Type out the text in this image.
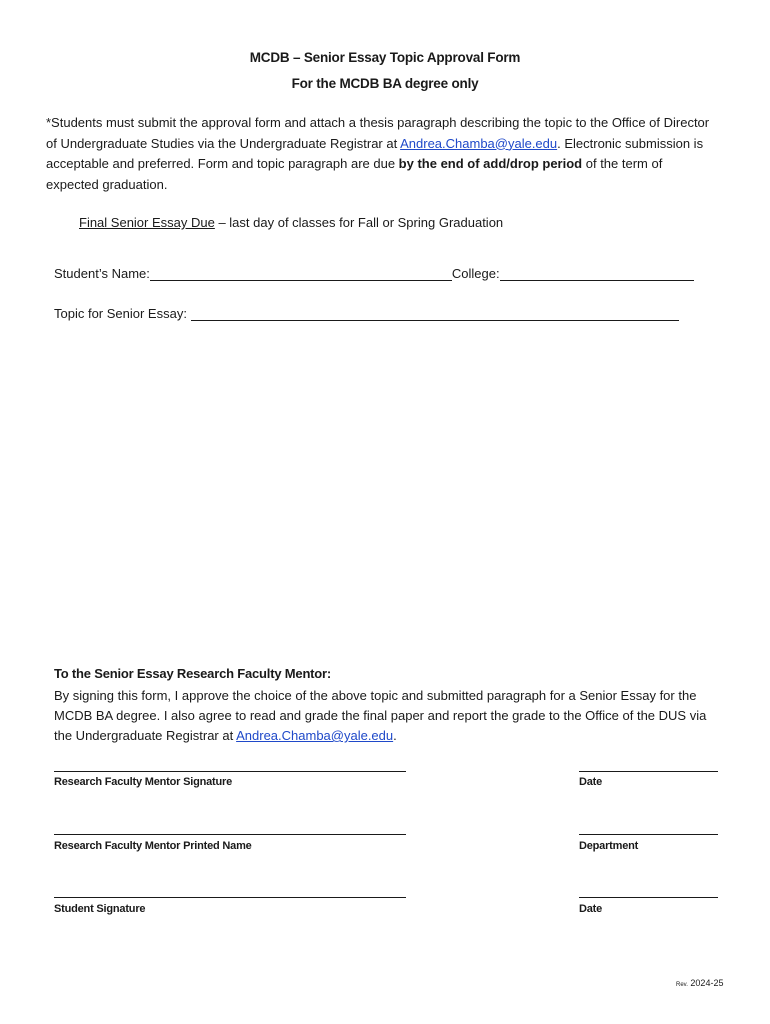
MCDB – Senior Essay Topic Approval Form
For the MCDB BA degree only
*Students must submit the approval form and attach a thesis paragraph describing the topic to the Office of Director of Undergraduate Studies via the Undergraduate Registrar at Andrea.Chamba@yale.edu. Electronic submission is acceptable and preferred. Form and topic paragraph are due by the end of add/drop period of the term of expected graduation.
Final Senior Essay Due – last day of classes for Fall or Spring Graduation
Student’s Name:	College:
Topic for Senior Essay:
To the Senior Essay Research Faculty Mentor:
By signing this form, I approve the choice of the above topic and submitted paragraph for a Senior Essay for the MCDB BA degree. I also agree to read and grade the final paper and report the grade to the Office of the DUS via the Undergraduate Registrar at Andrea.Chamba@yale.edu.
Research Faculty Mentor Signature	Date
Research Faculty Mentor Printed Name	Department
Student Signature	Date
Rev. 2024-25
